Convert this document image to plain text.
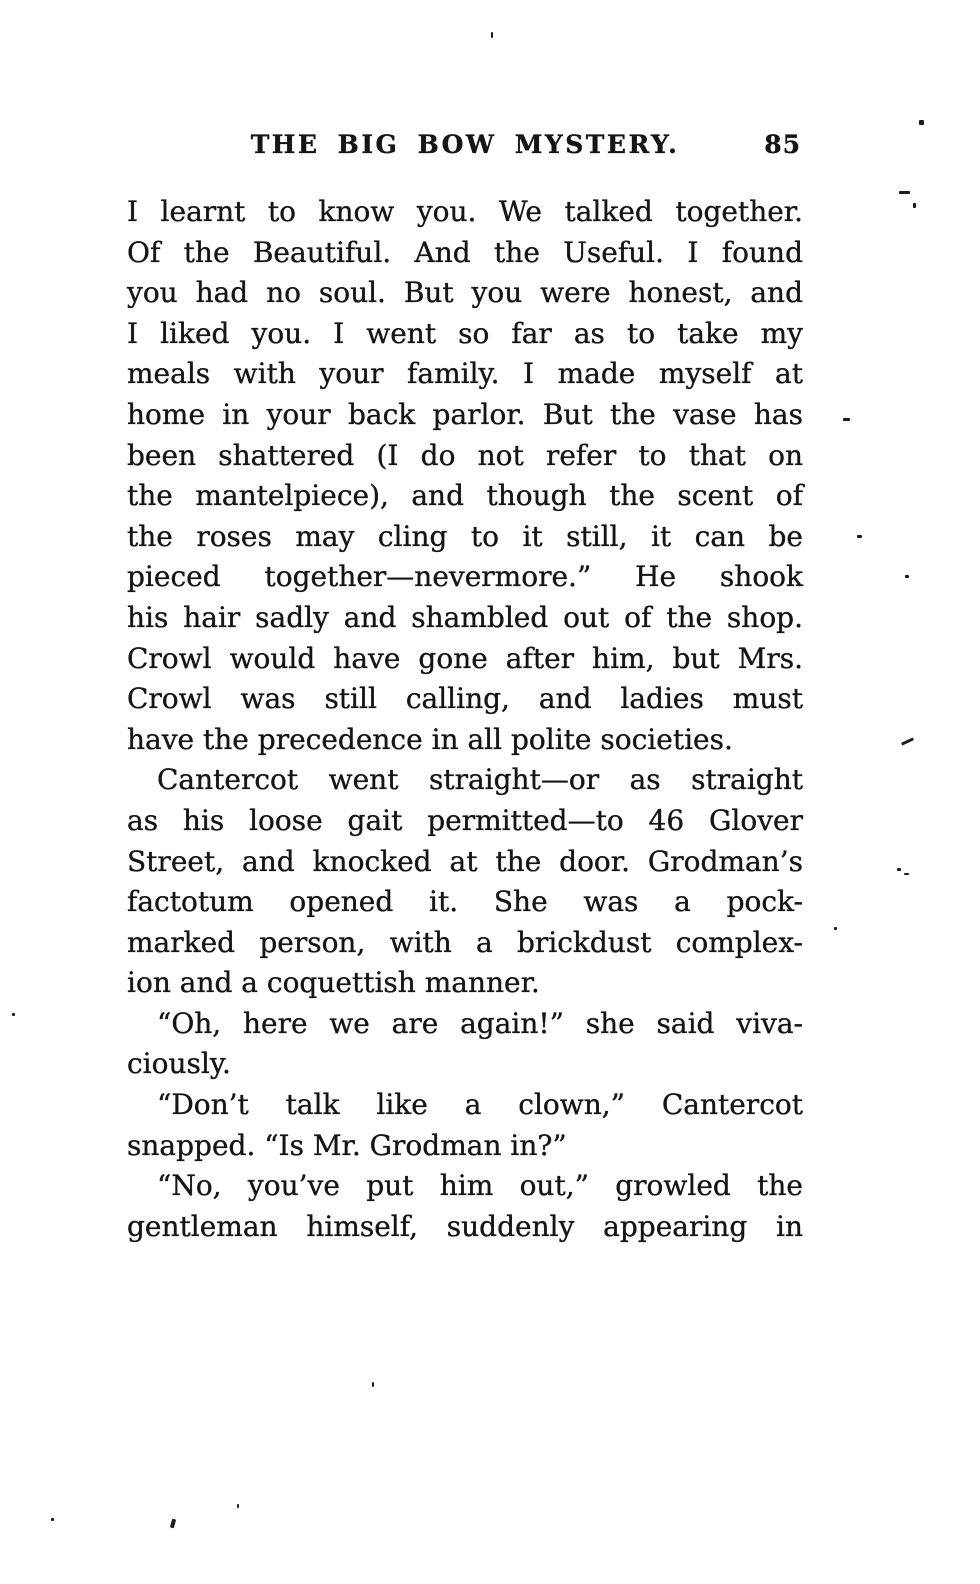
THE BIG BOW MYSTERY.	85

I learnt to know you. We talked together.
Of the Beautiful. And the Useful. I found
you had no soul. But you were honest, and
I liked you. I went so far as to take my
meals with your family. I made myself at
home in your back parlor. But the vase has
been shattered (I do not refer to that on
the mantelpiece), and though the scent of
the roses may cling to it still, it can be
pieced together—nevermore.” He shook
his hair sadly and shambled out of the shop.
Crowl would have gone after him, but Mrs.
Crowl was still calling, and ladies must
have the precedence in all polite societies.

Cantercot went straight—or as straight
as his loose gait permitted—to 46 Glover
Street, and knocked at the door. Grodman’s
factotum opened it. She was a pock-
marked person, with a brickdust complex-
ion and a coquettish manner.

“Oh, here we are again!” she said viva-
ciously.

“Don’t talk like a clown,” Cantercot
snapped. “Is Mr. Grodman in?”

“No, you’ve put him out,” growled the
gentleman himself, suddenly appearing in
